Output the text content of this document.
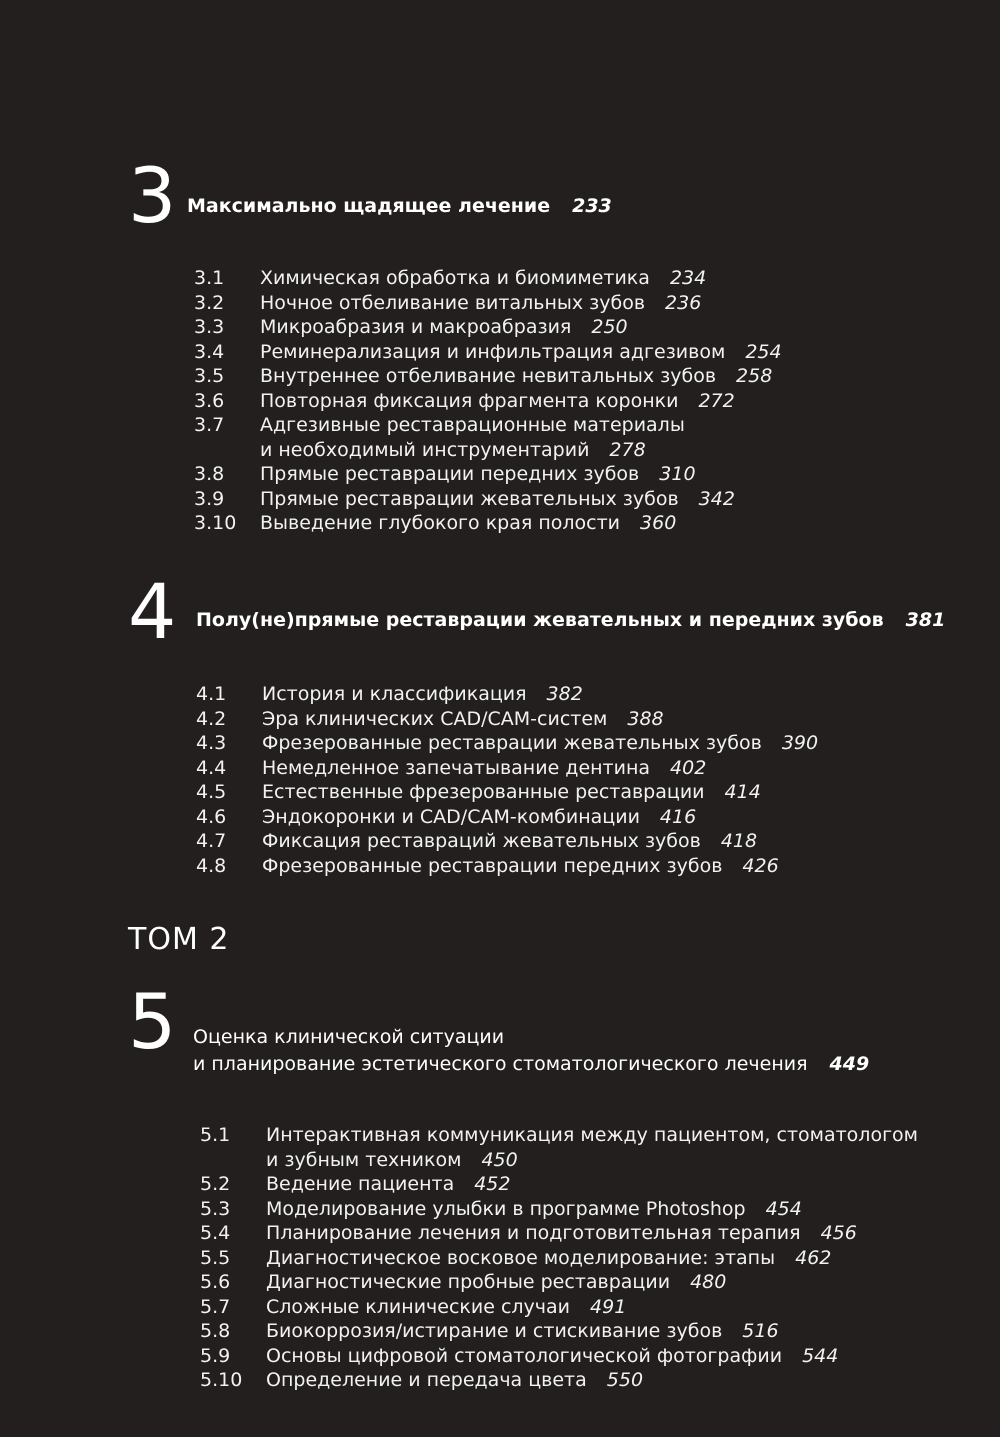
3 Максимально щадящее лечение 233
3.1	Химическая обработка и биомиметика 234
3.2	Ночное отбеливание витальных зубов 236
3.3	Микроабразия и макроабразия 250
3.4	Реминерализация и инфильтрация адгезивом 254
3.5	Внутреннее отбеливание невитальных зубов 258
3.6	Повторная фиксация фрагмента коронки 272
3.7	Адгезивные реставрационные материалы
и необходимый инструментарий 278
3.8	Прямые реставрации передних зубов 310
3.9	Прямые реставрации жевательных зубов 342
3.10	Выведение глубокого края полости 360
4 Полу(не)прямые реставрации жевательных и передних зубов 381
4.1	История и классификация 382
4.2	Эра клинических CAD/CAM-систем 388
4.3	Фрезерованные реставрации жевательных зубов 390
4.4	Немедленное запечатывание дентина 402
4.5	Естественные фрезерованные реставрации 414
4.6	Эндокоронки и CAD/CAM-комбинации 416
4.7	Фиксация реставраций жевательных зубов 418
4.8	Фрезерованные реставрации передних зубов 426
ТОМ 2
5 Оценка клинической ситуации
и планирование эстетического стоматологического лечения 449
5.1	Интерактивная коммуникация между пациентом, стоматологом
и зубным техником 450
5.2	Ведение пациента 452
5.3	Моделирование улыбки в программе Photoshop 454
5.4	Планирование лечения и подготовительная терапия 456
5.5	Диагностическое восковое моделирование: этапы 462
5.6	Диагностические пробные реставрации 480
5.7	Сложные клинические случаи 491
5.8	Биокоррозия/истирание и стискивание зубов 516
5.9	Основы цифровой стоматологической фотографии 544
5.10	Определение и передача цвета 550
